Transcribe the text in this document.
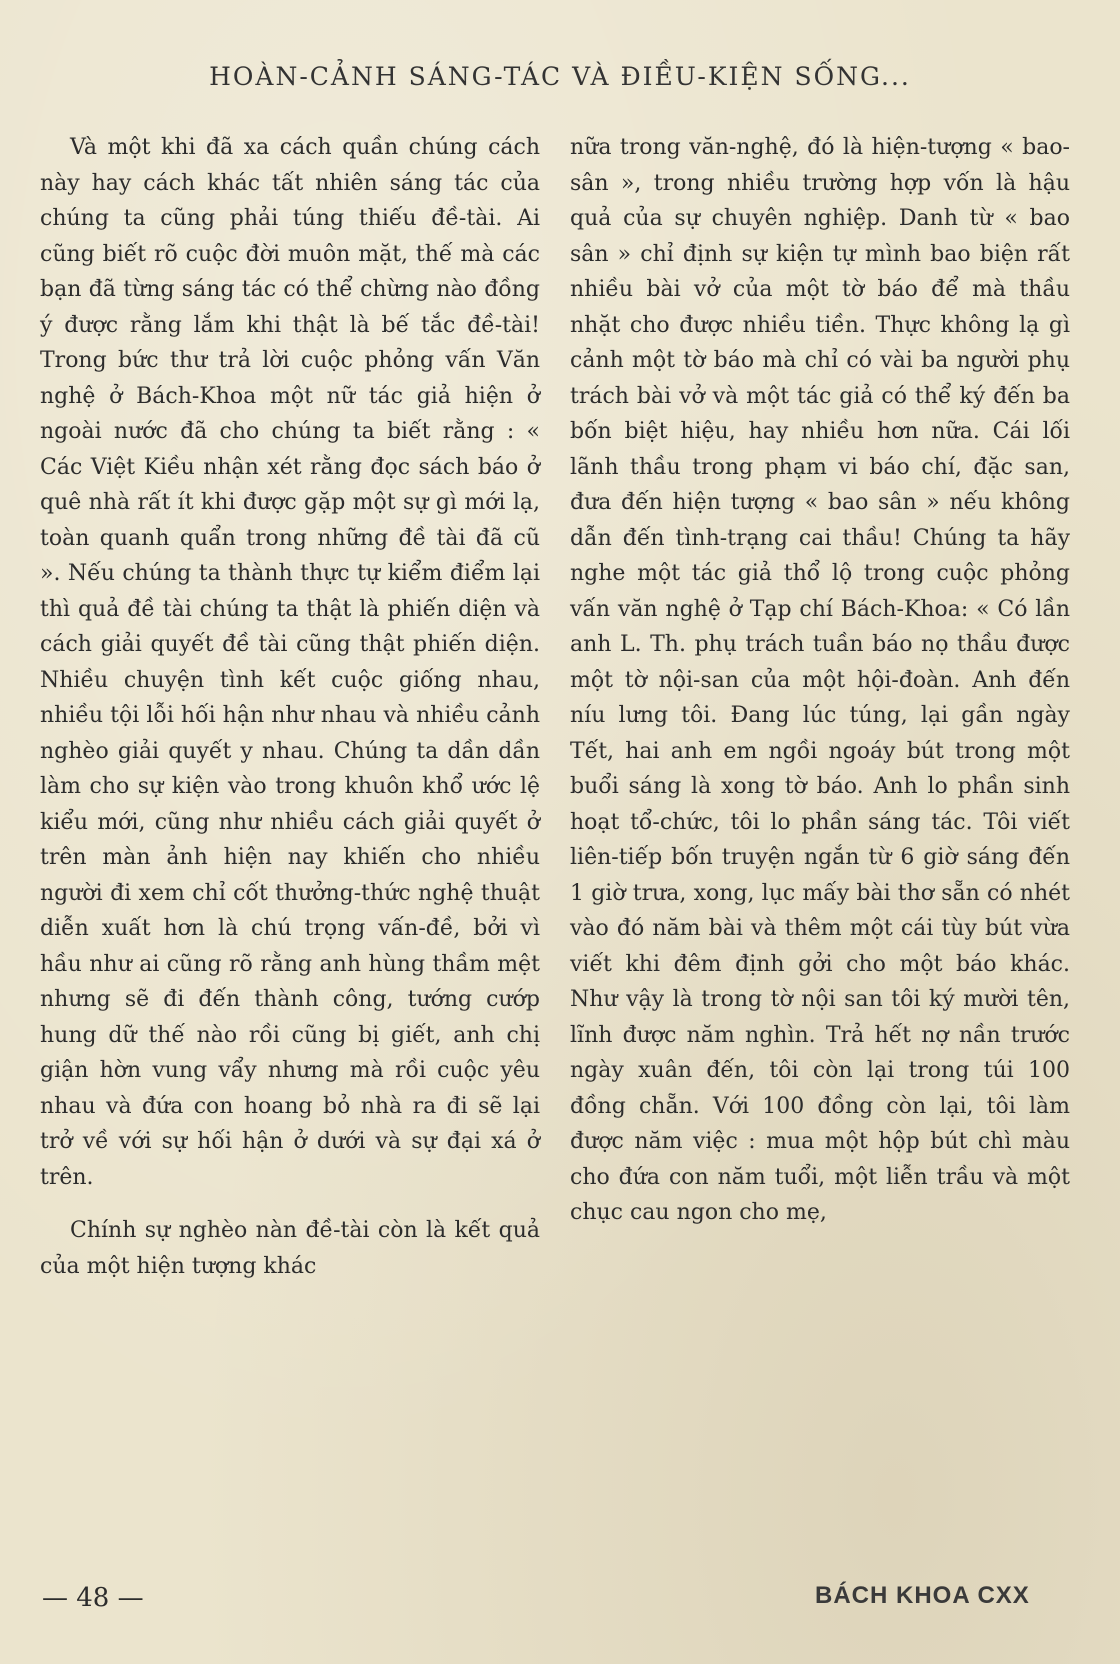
HOÀN-CẢNH SÁNG-TÁC VÀ ĐIỀU-KIỆN SỐNG...

Và một khi đã xa cách quần chúng cách này hay cách khác tất nhiên sáng tác của chúng ta cũng phải túng thiếu đề-tài. Ai cũng biết rõ cuộc đời muôn mặt, thế mà các bạn đã từng sáng tác có thể chừng nào đồng ý được rằng lắm khi thật là bế tắc đề-tài! Trong bức thư trả lời cuộc phỏng vấn Văn nghệ ở Bách-Khoa một nữ tác giả hiện ở ngoài nước đã cho chúng ta biết rằng : « Các Việt Kiều nhận xét rằng đọc sách báo ở quê nhà rất ít khi được gặp một sự gì mới lạ, toàn quanh quẩn trong những đề tài đã cũ ». Nếu chúng ta thành thực tự kiểm điểm lại thì quả đề tài chúng ta thật là phiến diện và cách giải quyết đề tài cũng thật phiến diện. Nhiều chuyện tình kết cuộc giống nhau, nhiều tội lỗi hối hận như nhau và nhiều cảnh nghèo giải quyết y nhau. Chúng ta dần dần làm cho sự kiện vào trong khuôn khổ ước lệ kiểu mới, cũng như nhiều cách giải quyết ở trên màn ảnh hiện nay khiến cho nhiều người đi xem chỉ cốt thưởng-thức nghệ thuật diễn xuất hơn là chú trọng vấn-đề, bởi vì hầu như ai cũng rõ rằng anh hùng thầm mệt nhưng sẽ đi đến thành công, tướng cướp hung dữ thế nào rồi cũng bị giết, anh chị giận hờn vung vẩy nhưng mà rồi cuộc yêu nhau và đứa con hoang bỏ nhà ra đi sẽ lại trở về với sự hối hận ở dưới và sự đại xá ở trên.

Chính sự nghèo nàn đề-tài còn là kết quả của một hiện tượng khác

nữa trong văn-nghệ, đó là hiện-tượng « bao-sân », trong nhiều trường hợp vốn là hậu quả của sự chuyên nghiệp. Danh từ « bao sân » chỉ định sự kiện tự mình bao biện rất nhiều bài vở của một tờ báo để mà thầu nhặt cho được nhiều tiền. Thực không lạ gì cảnh một tờ báo mà chỉ có vài ba người phụ trách bài vở và một tác giả có thể ký đến ba bốn biệt hiệu, hay nhiều hơn nữa. Cái lối lãnh thầu trong phạm vi báo chí, đặc san, đưa đến hiện tượng « bao sân » nếu không dẫn đến tình-trạng cai thầu! Chúng ta hãy nghe một tác giả thổ lộ trong cuộc phỏng vấn văn nghệ ở Tạp chí Bách-Khoa: « Có lần anh L. Th. phụ trách tuần báo nọ thầu được một tờ nội-san của một hội-đoàn. Anh đến níu lưng tôi. Đang lúc túng, lại gần ngày Tết, hai anh em ngồi ngoáy bút trong một buổi sáng là xong tờ báo. Anh lo phần sinh hoạt tổ-chức, tôi lo phần sáng tác. Tôi viết liên-tiếp bốn truyện ngắn từ 6 giờ sáng đến 1 giờ trưa, xong, lục mấy bài thơ sẵn có nhét vào đó năm bài và thêm một cái tùy bút vừa viết khi đêm định gởi cho một báo khác. Như vậy là trong tờ nội san tôi ký mười tên, lĩnh được năm nghìn. Trả hết nợ nần trước ngày xuân đến, tôi còn lại trong túi 100 đồng chẵn. Với 100 đồng còn lại, tôi làm được năm việc : mua một hộp bút chì màu cho đứa con năm tuổi, một liễn trầu và một chục cau ngon cho mẹ,

— 48 —	BÁCH KHOA CXX
